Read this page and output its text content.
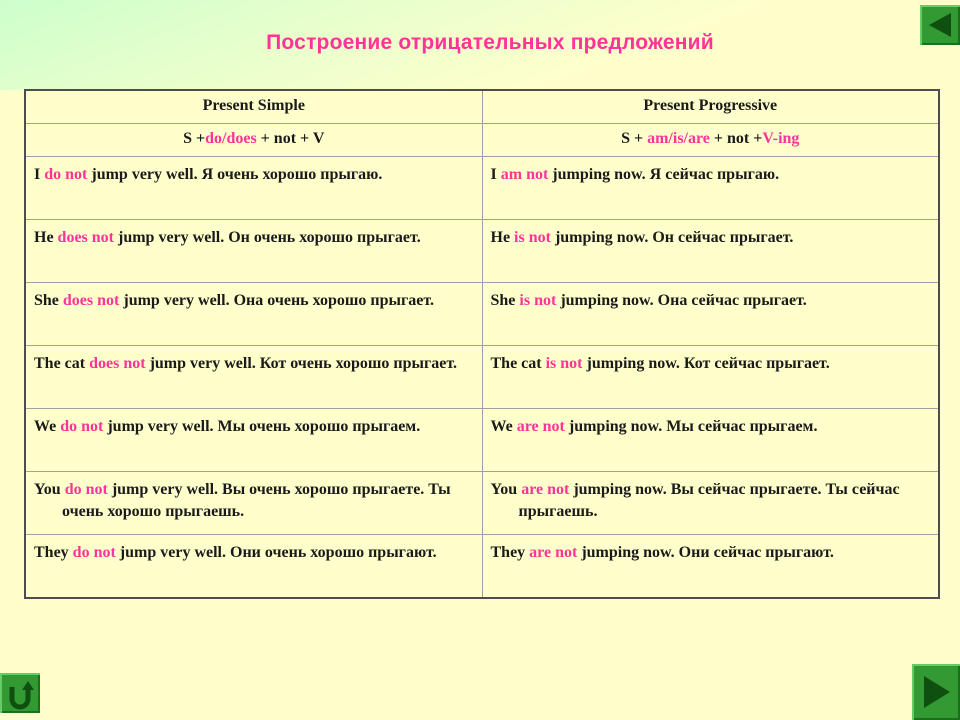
Построение отрицательных предложений
Present Simple	Present Progressive
S +do/does + not + V	S + am/is/are + not +V-ing

I do not jump very well. Я очень хорошо прыгаю.	I am not jumping now. Я сейчас прыгаю.

He does not jump very well. Он очень хорошо прыгает.	He is not jumping now. Он сейчас прыгает.

She does not jump very well. Она очень хорошо прыгает.	She is not jumping now. Она сейчас прыгает.

The cat does not jump very well. Кот очень хорошо прыгает.	The cat is not jumping now. Кот сейчас прыгает.

We do not jump very well. Мы очень хорошо прыгаем.	We are not jumping now. Мы сейчас прыгаем.

You do not jump very well. Вы очень хорошо прыгаете. Ты очень хорошо прыгаешь.	You are not jumping now. Вы сейчас прыгаете. Ты сейчас прыгаешь.

They do not jump very well. Они очень хорошо прыгают.	They are not jumping now. Они сейчас прыгают.
